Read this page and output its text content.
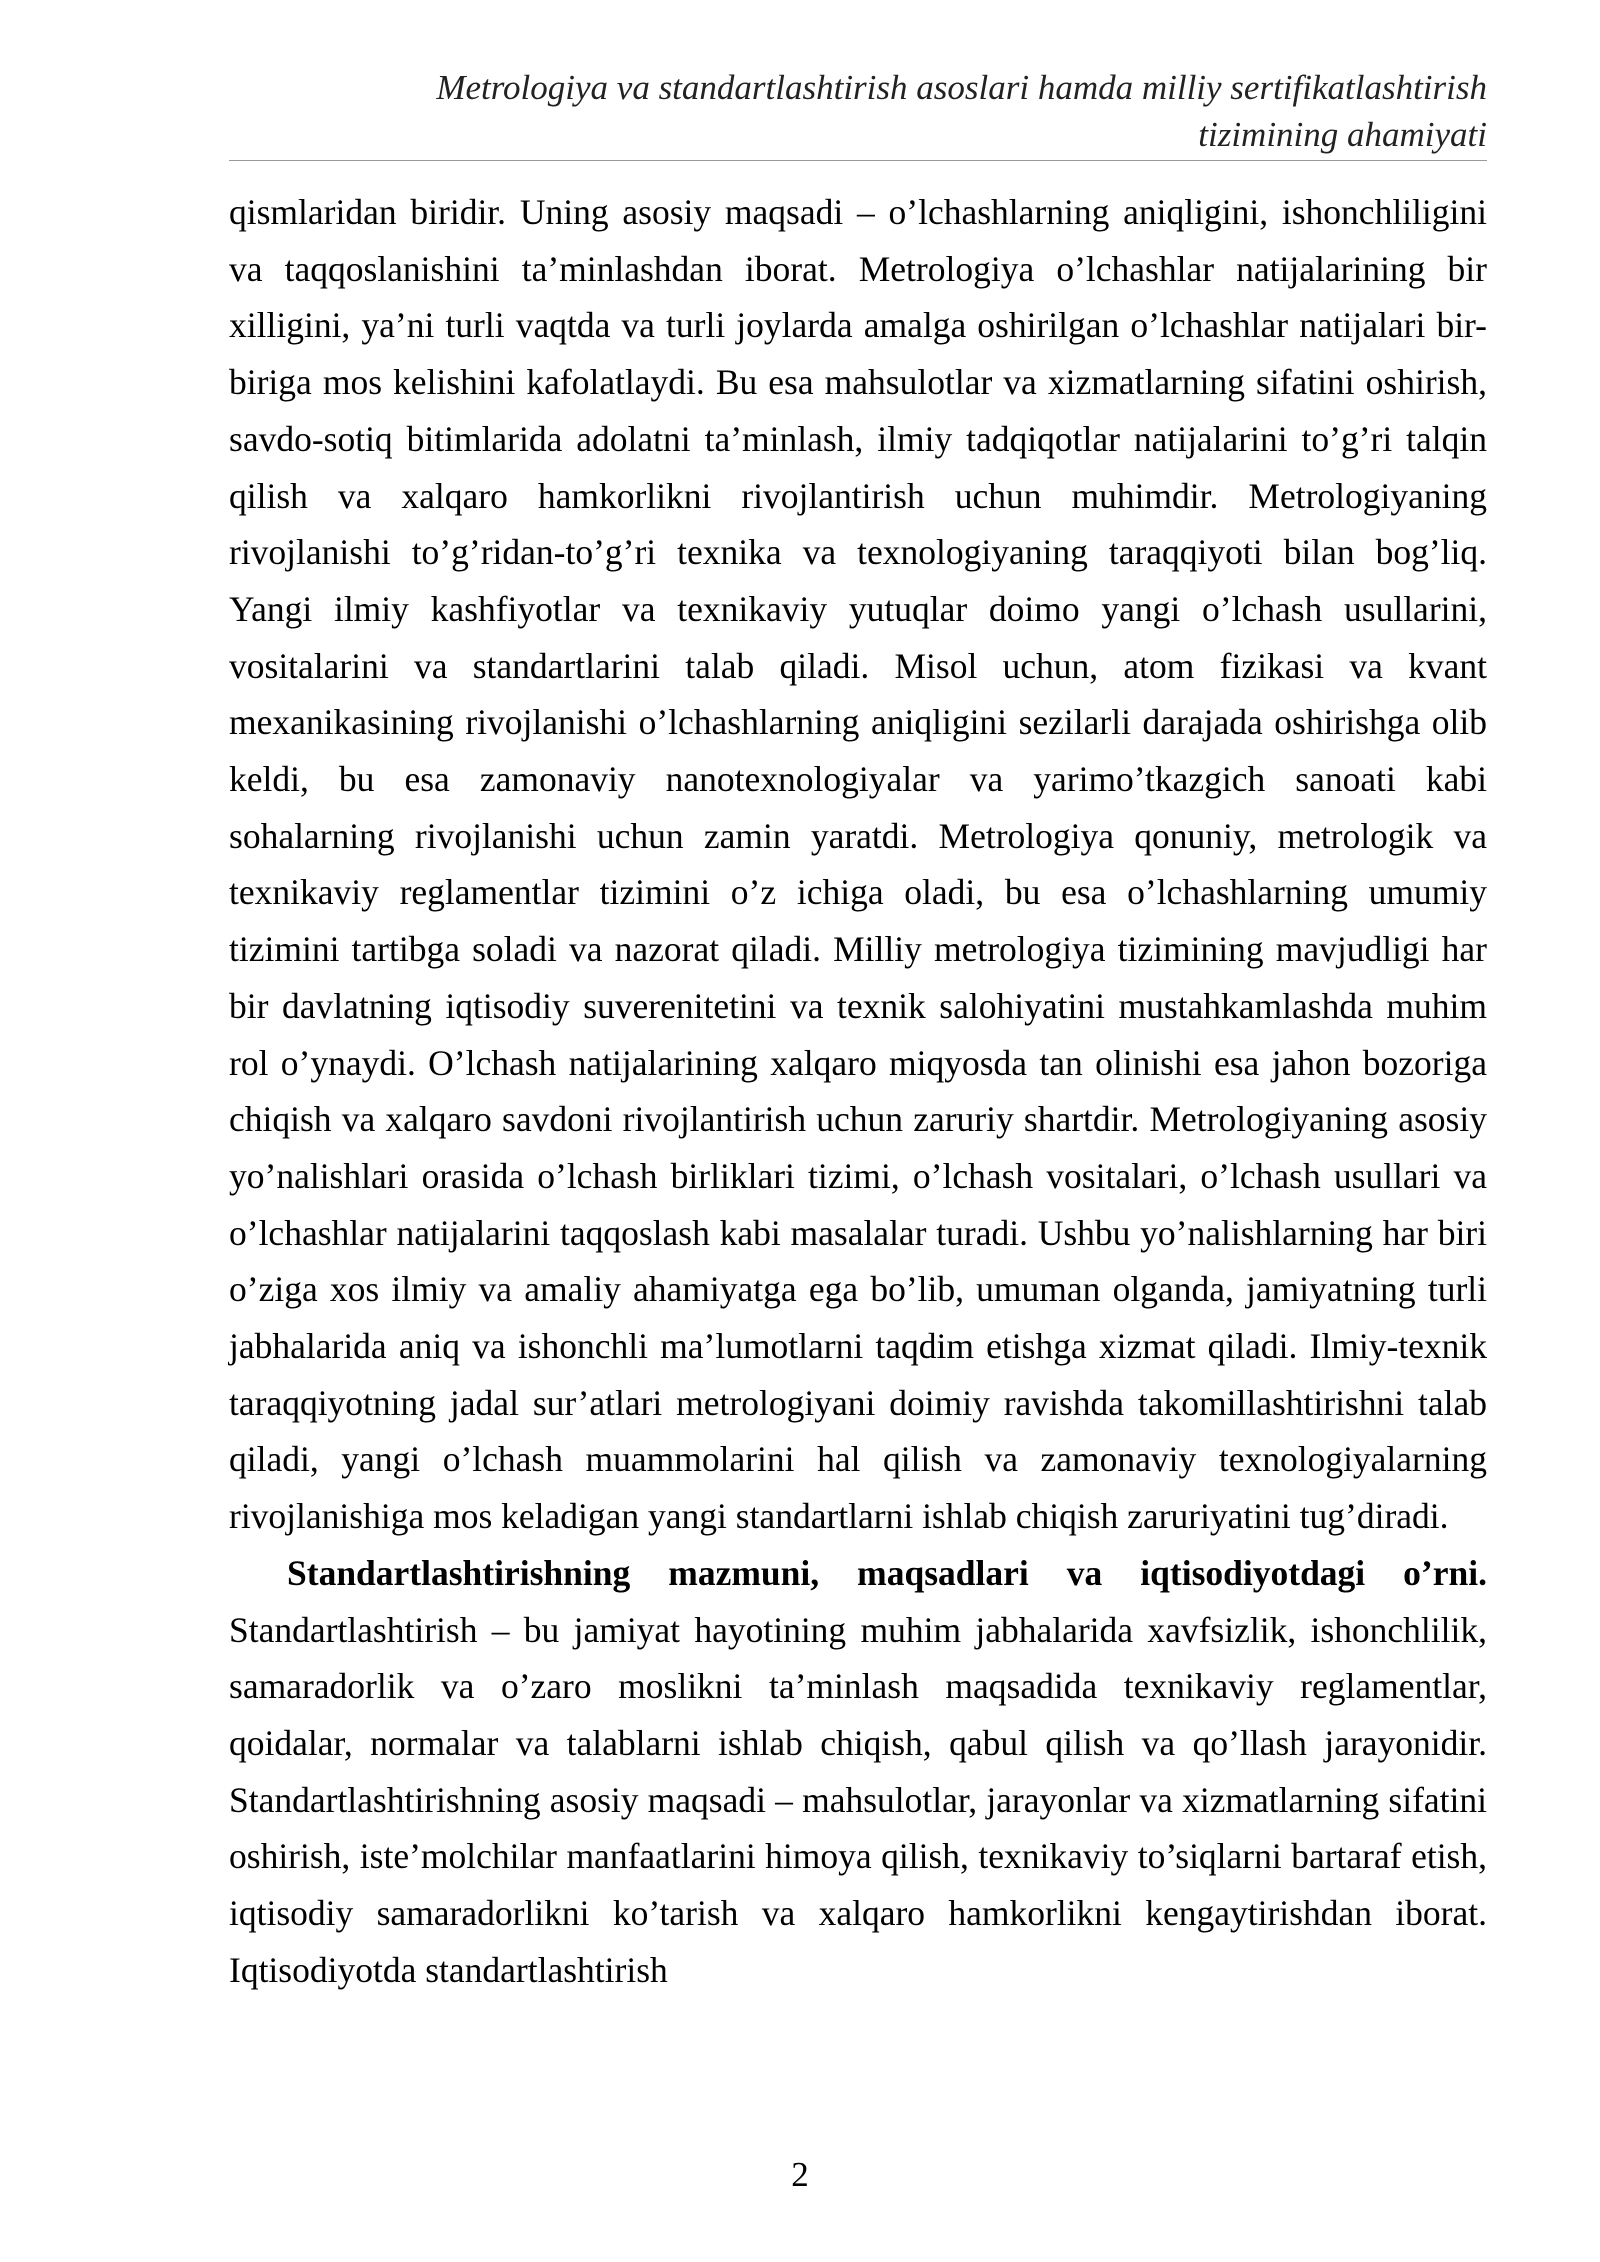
Metrologiya va standartlashtirish asoslari hamda milliy sertifikatlashtirish
tizimining ahamiyati

qismlaridan biridir. Uning asosiy maqsadi – o’lchashlarning aniqligini, ishonchliligini va taqqoslanishini ta’minlashdan iborat. Metrologiya o’lchashlar natijalarining bir xilligini, ya’ni turli vaqtda va turli joylarda amalga oshirilgan o’lchashlar natijalari bir-biriga mos kelishini kafolatlaydi. Bu esa mahsulotlar va xizmatlarning sifatini oshirish, savdo-sotiq bitimlarida adolatni ta’minlash, ilmiy tadqiqotlar natijalarini to’g’ri talqin qilish va xalqaro hamkorlikni rivojlantirish uchun muhimdir. Metrologiyaning rivojlanishi to’g’ridan-to’g’ri texnika va texnologiyaning taraqqiyoti bilan bog’liq. Yangi ilmiy kashfiyotlar va texnikaviy yutuqlar doimo yangi o’lchash usullarini, vositalarini va standartlarini talab qiladi. Misol uchun, atom fizikasi va kvant mexanikasining rivojlanishi o’lchashlarning aniqligini sezilarli darajada oshirishga olib keldi, bu esa zamonaviy nanotexnologiyalar va yarimo’tkazgich sanoati kabi sohalarning rivojlanishi uchun zamin yaratdi. Metrologiya qonuniy, metrologik va texnikaviy reglamentlar tizimini o’z ichiga oladi, bu esa o’lchashlarning umumiy tizimini tartibga soladi va nazorat qiladi. Milliy metrologiya tizimining mavjudligi har bir davlatning iqtisodiy suverenitetini va texnik salohiyatini mustahkamlashda muhim rol o’ynaydi. O’lchash natijalarining xalqaro miqyosda tan olinishi esa jahon bozoriga chiqish va xalqaro savdoni rivojlantirish uchun zaruriy shartdir. Metrologiyaning asosiy yo’nalishlari orasida o’lchash birliklari tizimi, o’lchash vositalari, o’lchash usullari va o’lchashlar natijalarini taqqoslash kabi masalalar turadi. Ushbu yo’nalishlarning har biri o’ziga xos ilmiy va amaliy ahamiyatga ega bo’lib, umuman olganda, jamiyatning turli jabhalarida aniq va ishonchli ma’lumotlarni taqdim etishga xizmat qiladi. Ilmiy-texnik taraqqiyotning jadal sur’atlari metrologiyani doimiy ravishda takomillashtirishni talab qiladi, yangi o’lchash muammolarini hal qilish va zamonaviy texnologiyalarning rivojlanishiga mos keladigan yangi standartlarni ishlab chiqish zaruriyatini tug’diradi.

Standartlashtirishning mazmuni, maqsadlari va iqtisodiyotdagi o’rni. Standartlashtirish – bu jamiyat hayotining muhim jabhalarida xavfsizlik, ishonchlilik, samaradorlik va o’zaro moslikni ta’minlash maqsadida texnikaviy reglamentlar, qoidalar, normalar va talablarni ishlab chiqish, qabul qilish va qo’llash jarayonidir. Standartlashtirishning asosiy maqsadi – mahsulotlar, jarayonlar va xizmatlarning sifatini oshirish, iste’molchilar manfaatlarini himoya qilish, texnikaviy to’siqlarni bartaraf etish, iqtisodiy samaradorlikni ko’tarish va xalqaro hamkorlikni kengaytirishdan iborat. Iqtisodiyotda standartlashtirish

2
